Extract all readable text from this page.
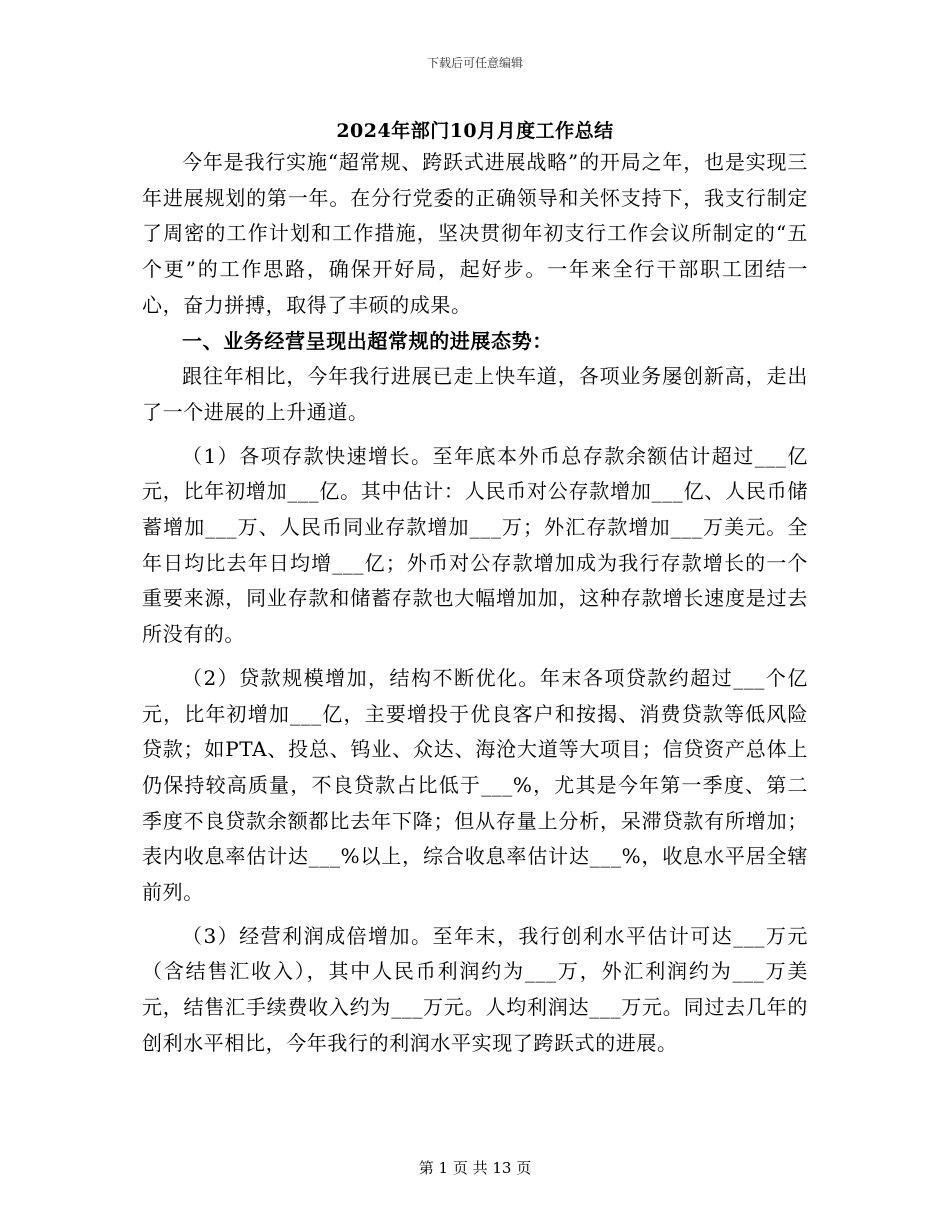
下载后可任意编辑
2024年部门10月月度工作总结

今年是我行实施“超常规、跨跃式进展战略”的开局之年，也是实现三年进展规划的第一年。在分行党委的正确领导和关怀支持下，我支行制定了周密的工作计划和工作措施，坚决贯彻年初支行工作会议所制定的“五个更”的工作思路，确保开好局，起好步。一年来全行干部职工团结一心，奋力拼搏，取得了丰硕的成果。

一、业务经营呈现出超常规的进展态势：

跟往年相比，今年我行进展已走上快车道，各项业务屡创新高，走出了一个进展的上升通道。

（1）各项存款快速增长。至年底本外币总存款余额估计超过___亿元，比年初增加___亿。其中估计：人民币对公存款增加___亿、人民币储蓄增加___万、人民币同业存款增加___万；外汇存款增加___万美元。全年日均比去年日均增___亿；外币对公存款增加成为我行存款增长的一个重要来源，同业存款和储蓄存款也大幅增加加，这种存款增长速度是过去所没有的。

（2）贷款规模增加，结构不断优化。年末各项贷款约超过___个亿元，比年初增加___亿，主要增投于优良客户和按揭、消费贷款等低风险贷款；如PTA、投总、钨业、众达、海沧大道等大项目；信贷资产总体上仍保持较高质量，不良贷款占比低于___%，尤其是今年第一季度、第二季度不良贷款余额都比去年下降；但从存量上分析，呆滞贷款有所增加；表内收息率估计达___%以上，综合收息率估计达___%，收息水平居全辖前列。

（3）经营利润成倍增加。至年末，我行创利水平估计可达___万元（含结售汇收入），其中人民币利润约为___万，外汇利润约为___万美元，结售汇手续费收入约为___万元。人均利润达___万元。同过去几年的创利水平相比，今年我行的利润水平实现了跨跃式的进展。

第 1 页 共 13 页
